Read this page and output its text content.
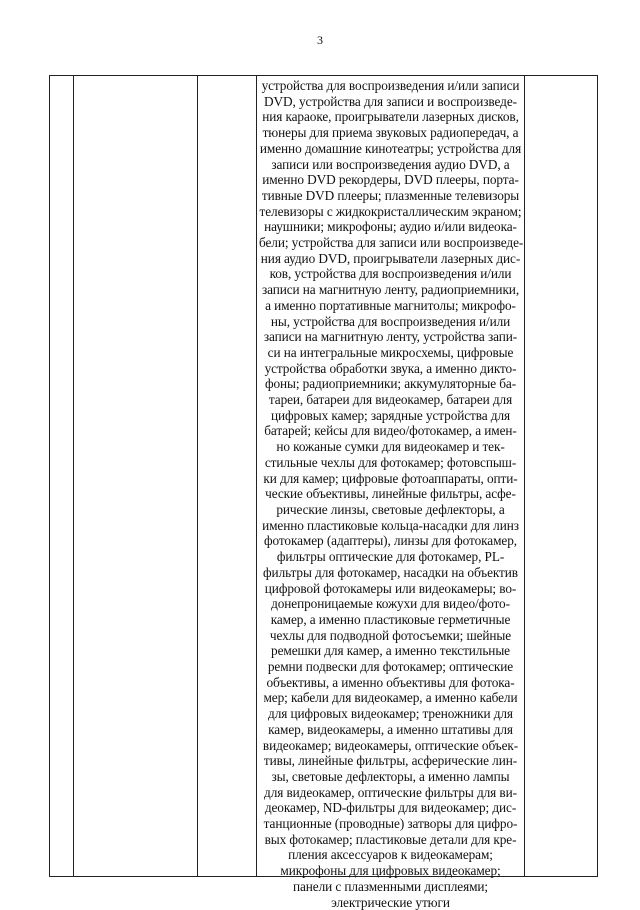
3
устройства для воспроизведения и/или записи
DVD, устройства для записи и воспроизведе-
ния караоке, проигрыватели лазерных дисков,
тюнеры для приема звуковых радиопередач, а
именно домашние кинотеатры; устройства для
записи или воспроизведения аудио DVD, а
именно DVD рекордеры, DVD плееры, порта-
тивные DVD плееры; плазменные телевизоры
телевизоры с жидкокристаллическим экраном;
наушники; микрофоны; аудио и/или видеока-
бели; устройства для записи или воспроизведе-
ния аудио DVD, проигрыватели лазерных дис-
ков, устройства для воспроизведения и/или
записи на магнитную ленту, радиоприемники,
а именно портативные магнитолы; микрофо-
ны, устройства для воспроизведения и/или
записи на магнитную ленту, устройства запи-
си на интегральные микросхемы, цифровые
устройства обработки звука, а именно дикто-
фоны; радиоприемники; аккумуляторные ба-
тареи, батареи для видеокамер, батареи для
цифровых камер; зарядные устройства для
батарей; кейсы для видео/фотокамер, а имен-
но кожаные сумки для видеокамер и тек-
стильные чехлы для фотокамер; фотовспыш-
ки для камер; цифровые фотоаппараты, опти-
ческие объективы, линейные фильтры, асфе-
рические линзы, световые дефлекторы, а
именно пластиковые кольца-насадки для линз
фотокамер (адаптеры), линзы для фотокамер,
фильтры оптические для фотокамер, PL-
фильтры для фотокамер, насадки на объектив
цифровой фотокамеры или видеокамеры; во-
донепроницаемые кожухи для видео/фото-
камер, а именно пластиковые герметичные
чехлы для подводной фотосъемки; шейные
ремешки для камер, а именно текстильные
ремни подвески для фотокамер; оптические
объективы, а именно объективы для фотока-
мер; кабели для видеокамер, а именно кабели
для цифровых видеокамер; треножники для
камер, видеокамеры, а именно штативы для
видеокамер; видеокамеры, оптические объек-
тивы, линейные фильтры, асферические лин-
зы, световые дефлекторы, а именно лампы
для видеокамер, оптические фильтры для ви-
деокамер, ND-фильтры для видеокамер; дис-
танционные (проводные) затворы для цифро-
вых фотокамер; пластиковые детали для кре-
пления аксессуаров к видеокамерам;
микрофоны для цифровых видеокамер;
панели с плазменными дисплеями;
электрические утюги
